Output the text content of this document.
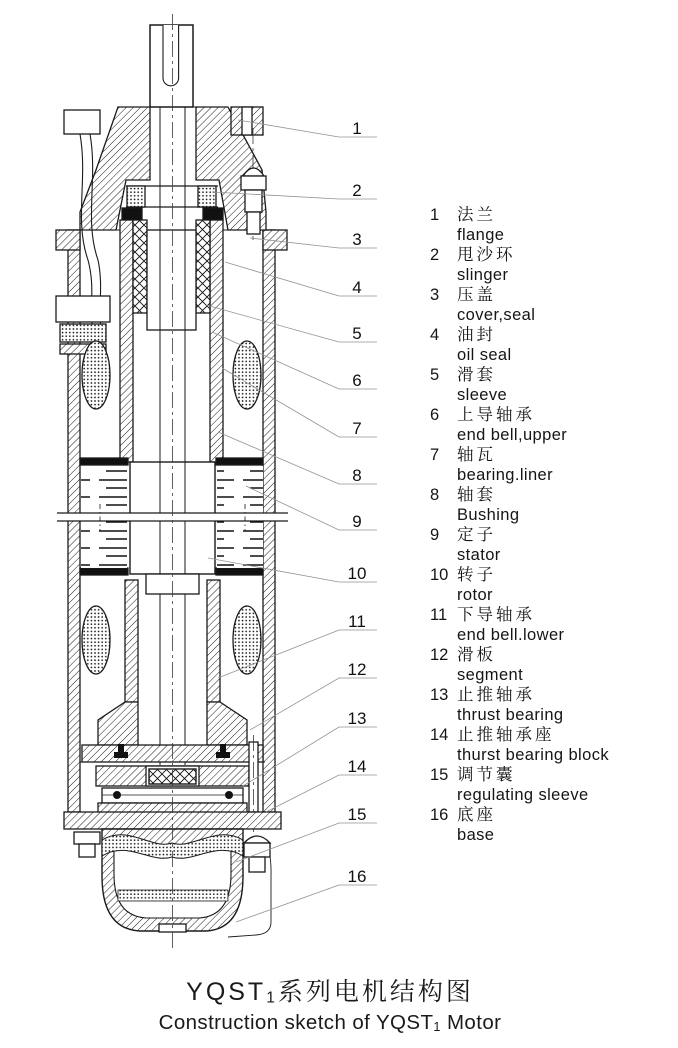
1
2
3
4
5
6
7
8
9
10
11
12
13
14
15
16
1	法兰
flange
2	甩沙环
slinger
3	压盖
cover,seal
4	油封
oil seal
5	滑套
sleeve
6	上导轴承
end bell,upper
7	轴瓦
bearing.liner
8	轴套
Bushing
9	定子
stator
10 转子
rotor
11 下导轴承
end bell.lower
12 滑板
segment
13 止推轴承
thrust bearing
14 止推轴承座
thurst bearing block
15 调节囊
regulating sleeve
16 底座
base
YQST1系列电机结构图
Construction sketch of YQST1 Motor
